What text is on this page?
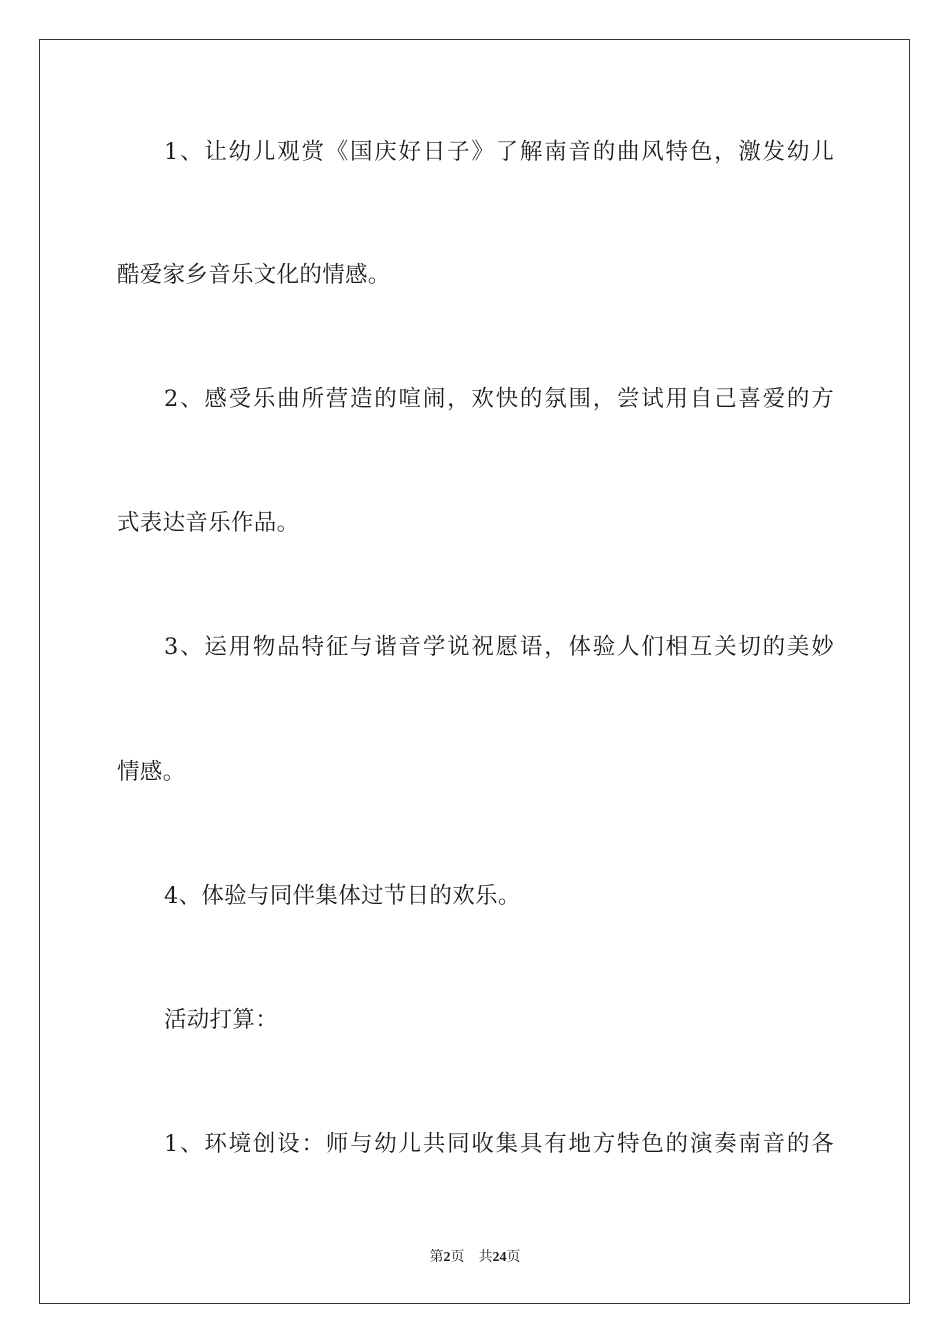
1、让幼儿观赏《国庆好日子》了解南音的曲风特色，激发幼儿
酷爱家乡音乐文化的情感。
2、感受乐曲所营造的喧闹，欢快的氛围，尝试用自己喜爱的方
式表达音乐作品。
3、运用物品特征与谐音学说祝愿语，体验人们相互关切的美妙
情感。
4、体验与同伴集体过节日的欢乐。
活动打算：
1、环境创设：师与幼儿共同收集具有地方特色的演奏南音的各
第2页 共24页
